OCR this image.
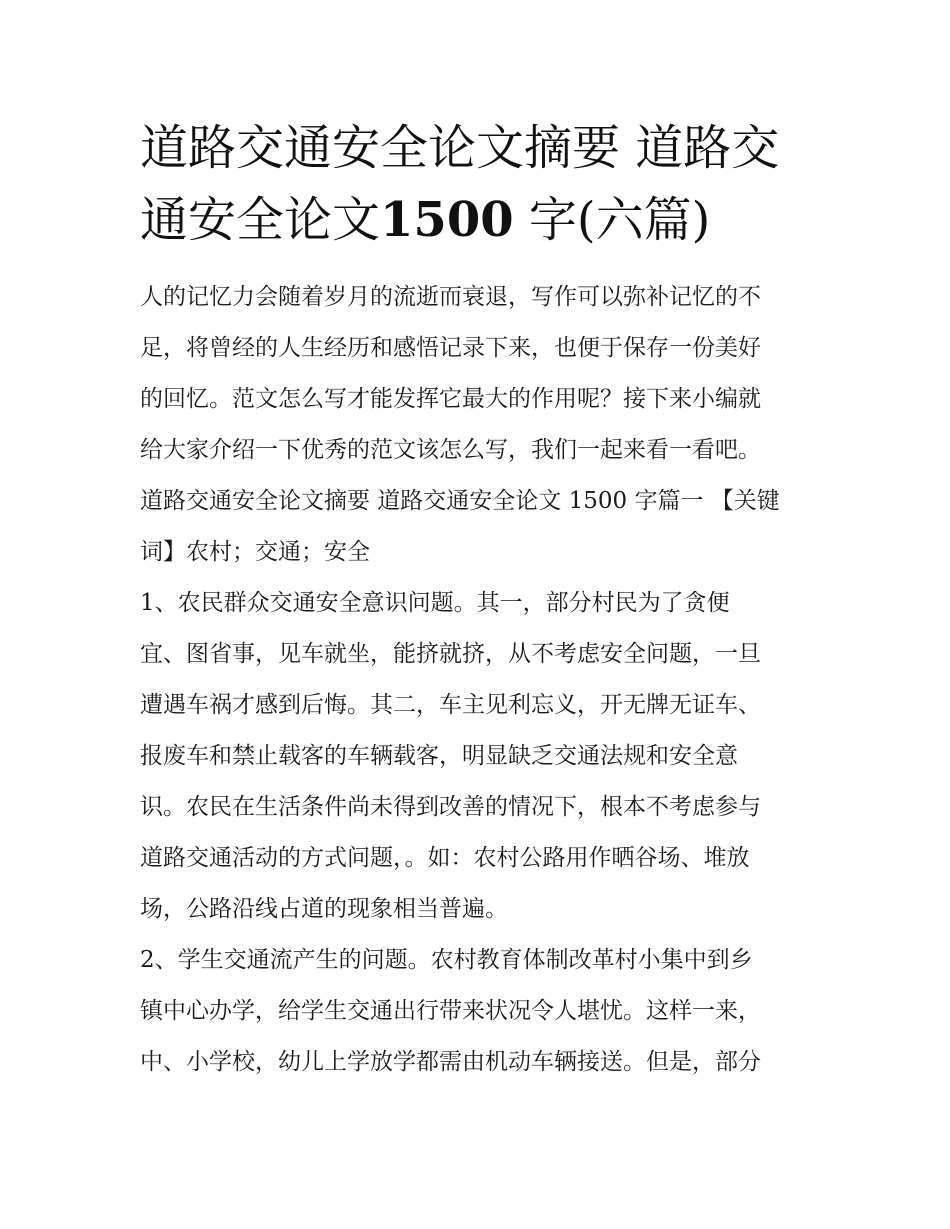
道路交通安全论文摘要 道路交
通安全论文1500 字(六篇)
人的记忆力会随着岁月的流逝而衰退，写作可以弥补记忆的不
足，将曾经的人生经历和感悟记录下来，也便于保存一份美好
的回忆。范文怎么写才能发挥它最大的作用呢？接下来小编就
给大家介绍一下优秀的范文该怎么写，我们一起来看一看吧。
道路交通安全论文摘要 道路交通安全论文 1500 字篇一 【关键
词】农村；交通；安全
1、农民群众交通安全意识问题。其一，部分村民为了贪便
宜、图省事，见车就坐，能挤就挤，从不考虑安全问题，一旦
遭遇车祸才感到后悔。其二，车主见利忘义，开无牌无证车、
报废车和禁止载客的车辆载客，明显缺乏交通法规和安全意
识。农民在生活条件尚未得到改善的情况下，根本不考虑参与
道路交通活动的方式问题，。如：农村公路用作晒谷场、堆放
场，公路沿线占道的现象相当普遍。
2、学生交通流产生的问题。农村教育体制改革村小集中到乡
镇中心办学，给学生交通出行带来状况令人堪忧。这样一来，
中、小学校，幼儿上学放学都需由机动车辆接送。但是，部分
